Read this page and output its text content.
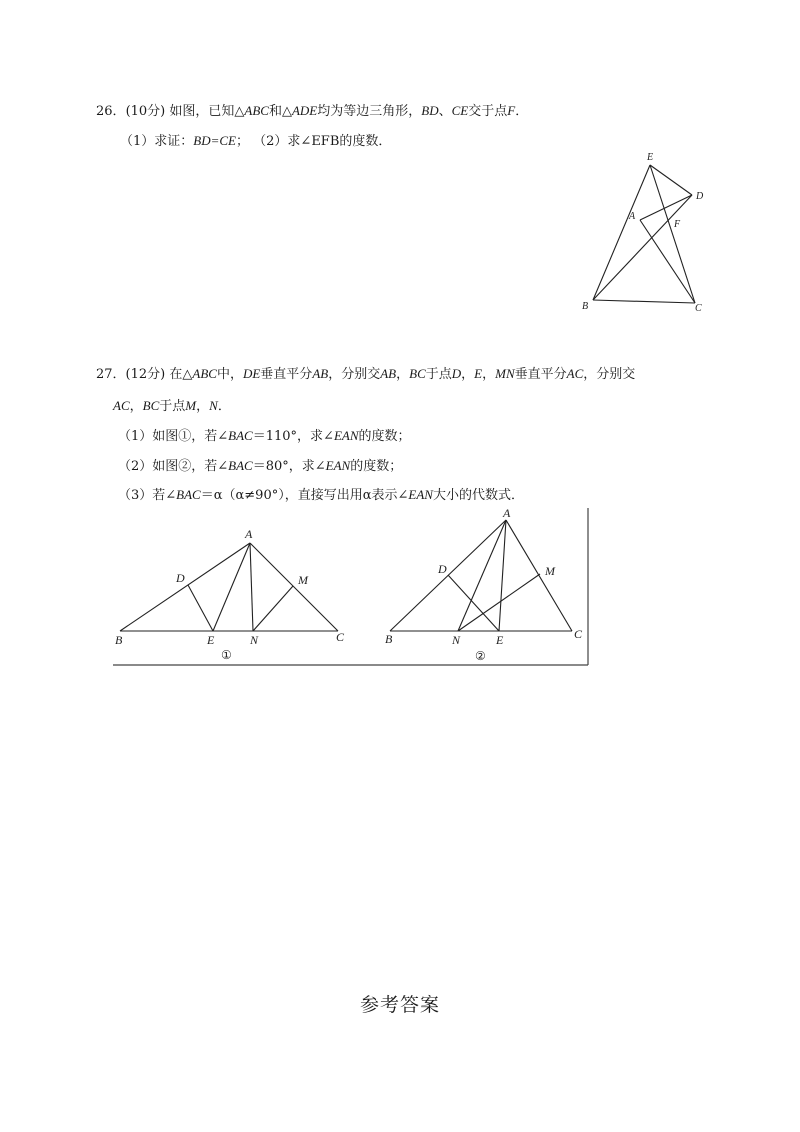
26．(10分) 如图，已知△ABC和△ADE均为等边三角形，BD、CE交于点F．
（1）求证：BD=CE； （2）求∠EFB的度数．
E
D
A
F
B	C
27．(12分) 在△ABC中，DE垂直平分AB，分别交AB，BC于点D，E，MN垂直平分AC，分别交
AC，BC于点M，N．
（1）如图①，若∠BAC＝110°，求∠EAN的度数；
（2）如图②，若∠BAC＝80°，求∠EAN的度数；
（3）若∠BAC＝α（α≠90°），直接写出用α表示∠EAN大小的代数式．
A
D	M
B	E	N	C
①
A
D	M
B	N	E	C
②
参考答案
